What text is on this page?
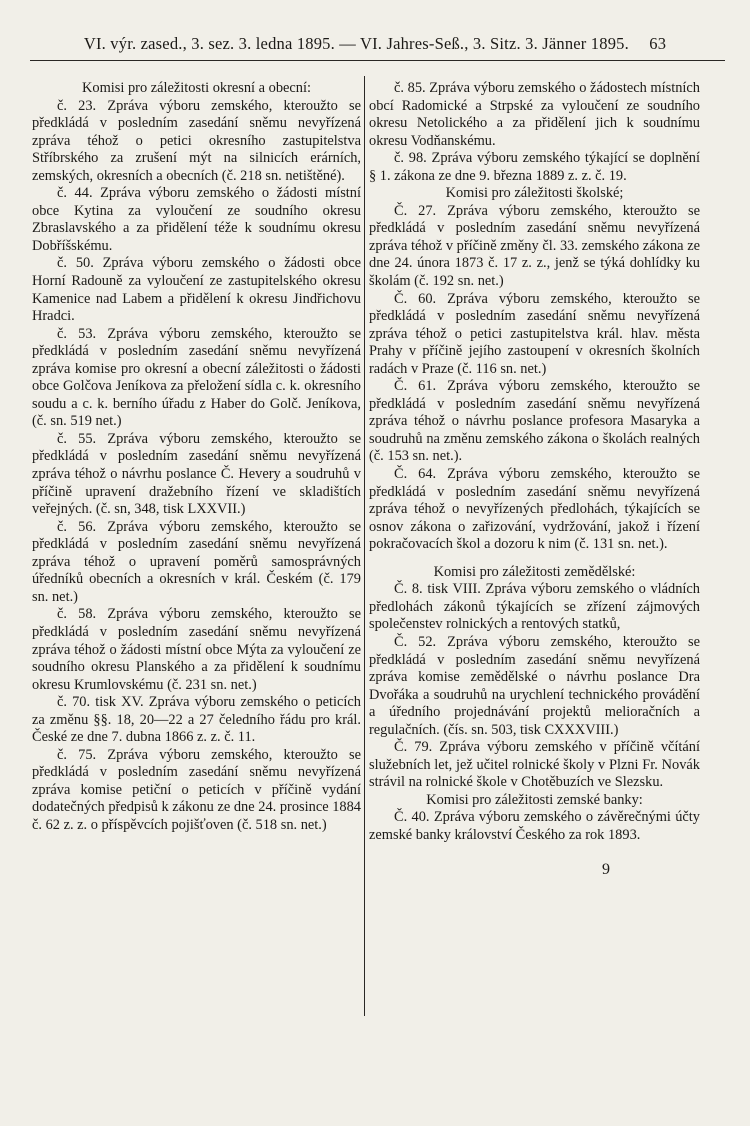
VI. výr. zased., 3. sez. 3. ledna 1895. — VI. Jahres-Seß., 3. Sitz. 3. Jänner 1895. 63

Komisi pro záležitosti okresní a obecní:

č. 23. Zpráva výboru zemského, kteroužto se předkládá v posledním zasedání sněmu nevyřízená zpráva téhož o petici okresního zastupitelstva Stříbrského za zrušení mýt na silnicích erárních, zemských, okresních a obecních (č. 218 sn. netištěné).

č. 44. Zpráva výboru zemského o žádosti místní obce Kytina za vyloučení ze soudního okresu Zbraslavského a za přidělení téže k soudnímu okresu Dobříšskému.

č. 50. Zpráva výboru zemského o žádosti obce Horní Radouně za vyloučení ze zastupitelského okresu Kamenice nad Labem a přidělení k okresu Jindřichovu Hradci.

č. 53. Zpráva výboru zemského, kteroužto se předkládá v posledním zasedání sněmu nevyřízená zpráva komise pro okresní a obecní záležitosti o žádosti obce Golčova Jeníkova za přeložení sídla c. k. okresního soudu a c. k. berního úřadu z Haber do Golč. Jeníkova, (č. sn. 519 net.)

č. 55. Zpráva výboru zemského, kteroužto se předkládá v posledním zasedání sněmu nevyřízená zpráva téhož o návrhu poslance Č. Hevery a soudruhů v příčině upravení dražebního řízení ve skladištích veřejných. (č. sn, 348, tisk LXXVII.)

č. 56. Zpráva výboru zemského, kteroužto se předkládá v posledním zasedání sněmu nevyřízená zpráva téhož o upravení poměrů samosprávných úředníků obecních a okresních v král. Českém (č. 179 sn. net.)

č. 58. Zpráva výboru zemského, kteroužto se předkládá v posledním zasedání sněmu nevyřízená zpráva téhož o žádosti místní obce Mýta za vyloučení ze soudního okresu Planského a za přidělení k soudnímu okresu Krumlovskému (č. 231 sn. net.)

č. 70. tisk XV. Zpráva výboru zemského o peticích za změnu §§. 18, 20—22 a 27 čeledního řádu pro král. České ze dne 7. dubna 1866 z. z. č. 11.

č. 75. Zpráva výboru zemského, kteroužto se předkládá v posledním zasedání sněmu nevyřízená zpráva komise petiční o peticích v příčině vydání dodatečných předpisů k zákonu ze dne 24. prosince 1884 č. 62 z. z. o příspěvcích pojišťoven (č. 518 sn. net.)

č. 85. Zpráva výboru zemského o žádostech místních obcí Radomické a Strpské za vyloučení ze soudního okresu Netolického a za přidělení jich k soudnímu okresu Vodňanskému.

č. 98. Zpráva výboru zemského týkající se doplnění § 1. zákona ze dne 9. března 1889 z. z. č. 19.

Komisi pro záležitosti školské;

Č. 27. Zpráva výboru zemského, kteroužto se předkládá v posledním zasedání sněmu nevyřízená zpráva téhož v příčině změny čl. 33. zemského zákona ze dne 24. února 1873 č. 17 z. z., jenž se týká dohlídky ku školám (č. 192 sn. net.)

Č. 60. Zpráva výboru zemského, kteroužto se předkládá v posledním zasedání sněmu nevyřízená zpráva téhož o petici zastupitelstva král. hlav. města Prahy v příčině jejího zastoupení v okresních školních radách v Praze (č. 116 sn. net.)

Č. 61. Zpráva výboru zemského, kteroužto se předkládá v posledním zasedání sněmu nevyřízená zpráva téhož o návrhu poslance profesora Masaryka a soudruhů na změnu zemského zákona o školách realných (č. 153 sn. net.).

Č. 64. Zpráva výboru zemského, kteroužto se předkládá v posledním zasedání sněmu nevyřízená zpráva téhož o nevyřízených předlohách, týkajících se osnov zákona o zařizování, vydržování, jakož i řízení pokračovacích škol a dozoru k nim (č. 131 sn. net.).

Komisi pro záležitosti zemědělské:

Č. 8. tisk VIII. Zpráva výboru zemského o vládních předlohách zákonů týkajících se zřízení zájmových společenstev rolnických a rentových statků,

Č. 52. Zpráva výboru zemského, kteroužto se předkládá v posledním zasedání sněmu nevyřízená zpráva komise zemědělské o návrhu poslance Dra Dvořáka a soudruhů na urychlení technického provádění a úředního projednávání projektů melioračních a regulačních. (čís. sn. 503, tisk CXXXVIII.)

Č. 79. Zpráva výboru zemského v příčině včítání služebních let, jež učitel rolnické školy v Plzni Fr. Novák strávil na rolnické škole v Chotěbuzích ve Slezsku.

Komisi pro záležitosti zemské banky:

Č. 40. Zpráva výboru zemského o závěrečnými účty zemské banky království Českého za rok 1893.

9
